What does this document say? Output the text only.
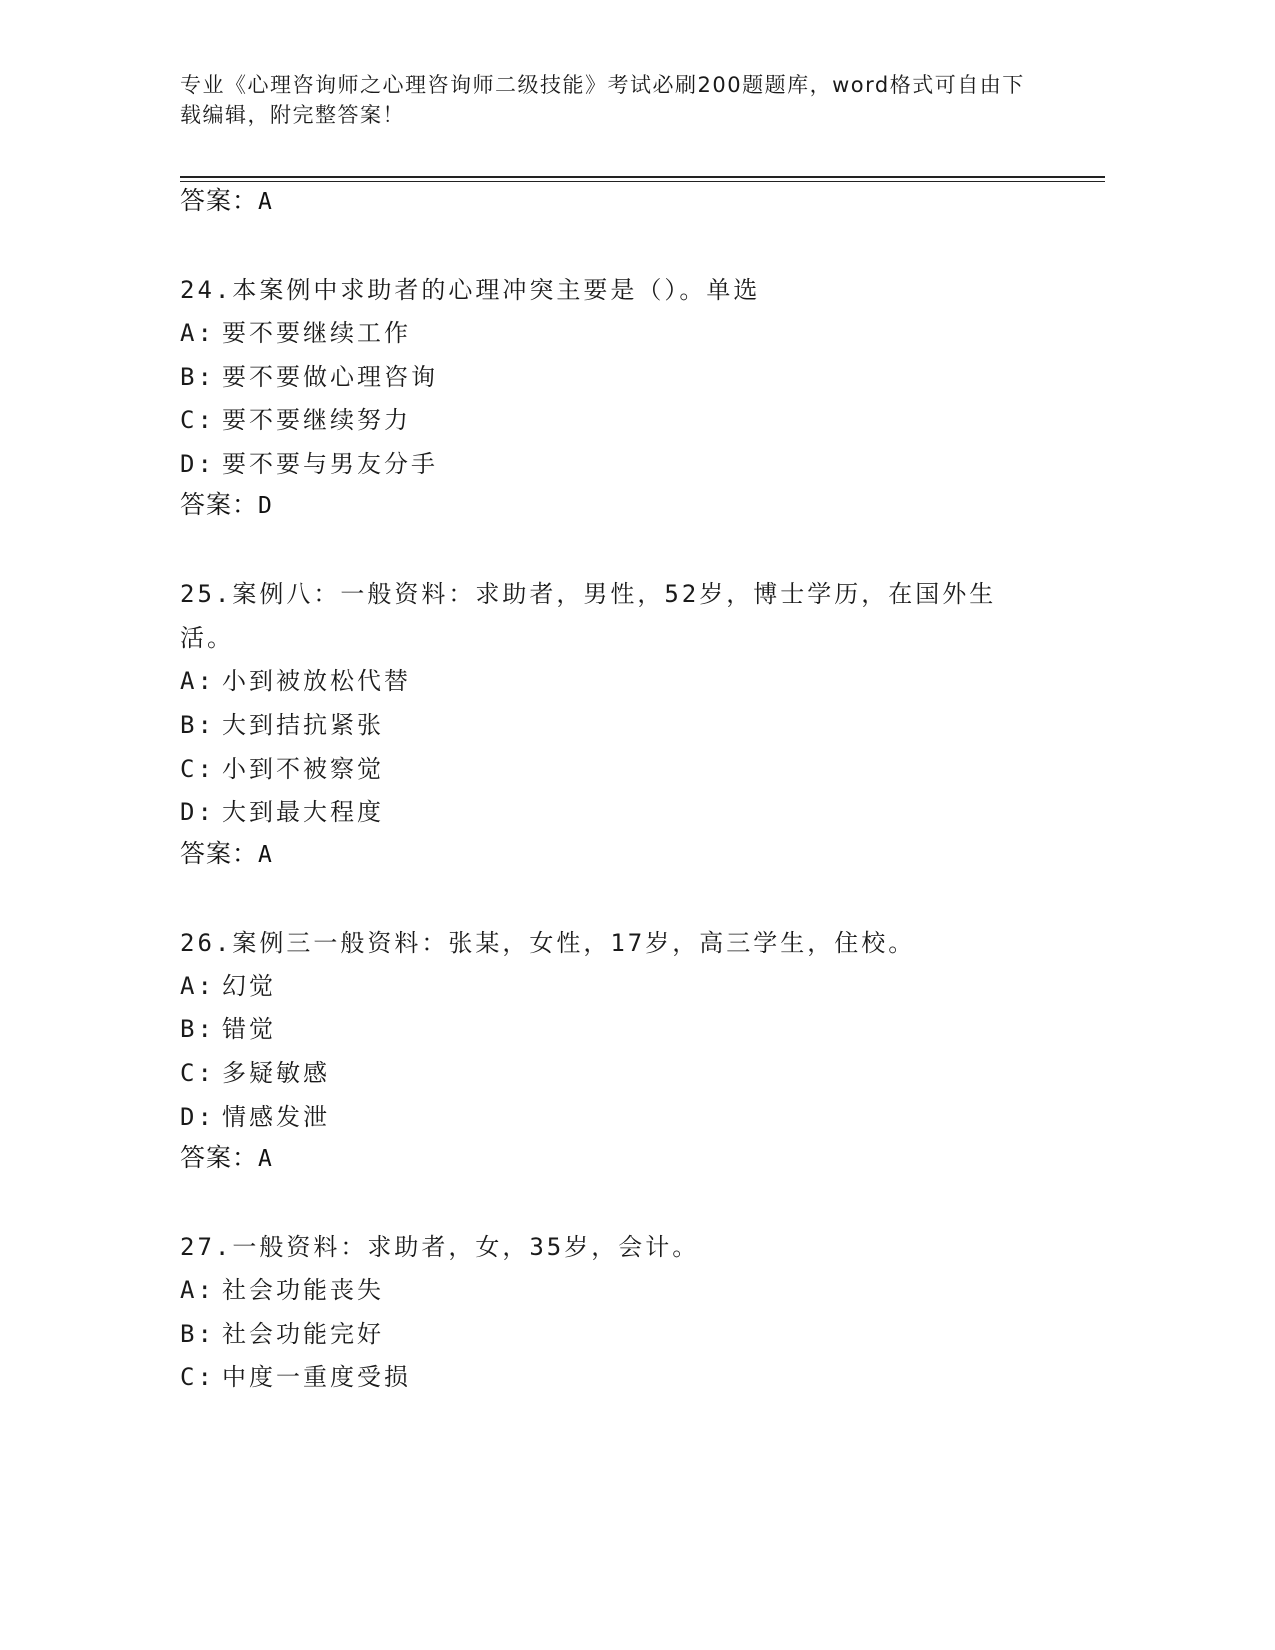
专业《心理咨询师之心理咨询师二级技能》考试必刷200题题库，word格式可自由下载编辑，附完整答案！
答案：A
24.本案例中求助者的心理冲突主要是（）。单选
A: 要不要继续工作
B: 要不要做心理咨询
C: 要不要继续努力
D: 要不要与男友分手
答案：D
25.案例八：一般资料：求助者，男性，52岁，博士学历，在国外生活。
A: 小到被放松代替
B: 大到拮抗紧张
C: 小到不被察觉
D: 大到最大程度
答案：A
26.案例三一般资料：张某，女性，17岁，高三学生，住校。
A: 幻觉
B: 错觉
C: 多疑敏感
D: 情感发泄
答案：A
27.一般资料：求助者，女，35岁，会计。
A: 社会功能丧失
B: 社会功能完好
C: 中度一重度受损
